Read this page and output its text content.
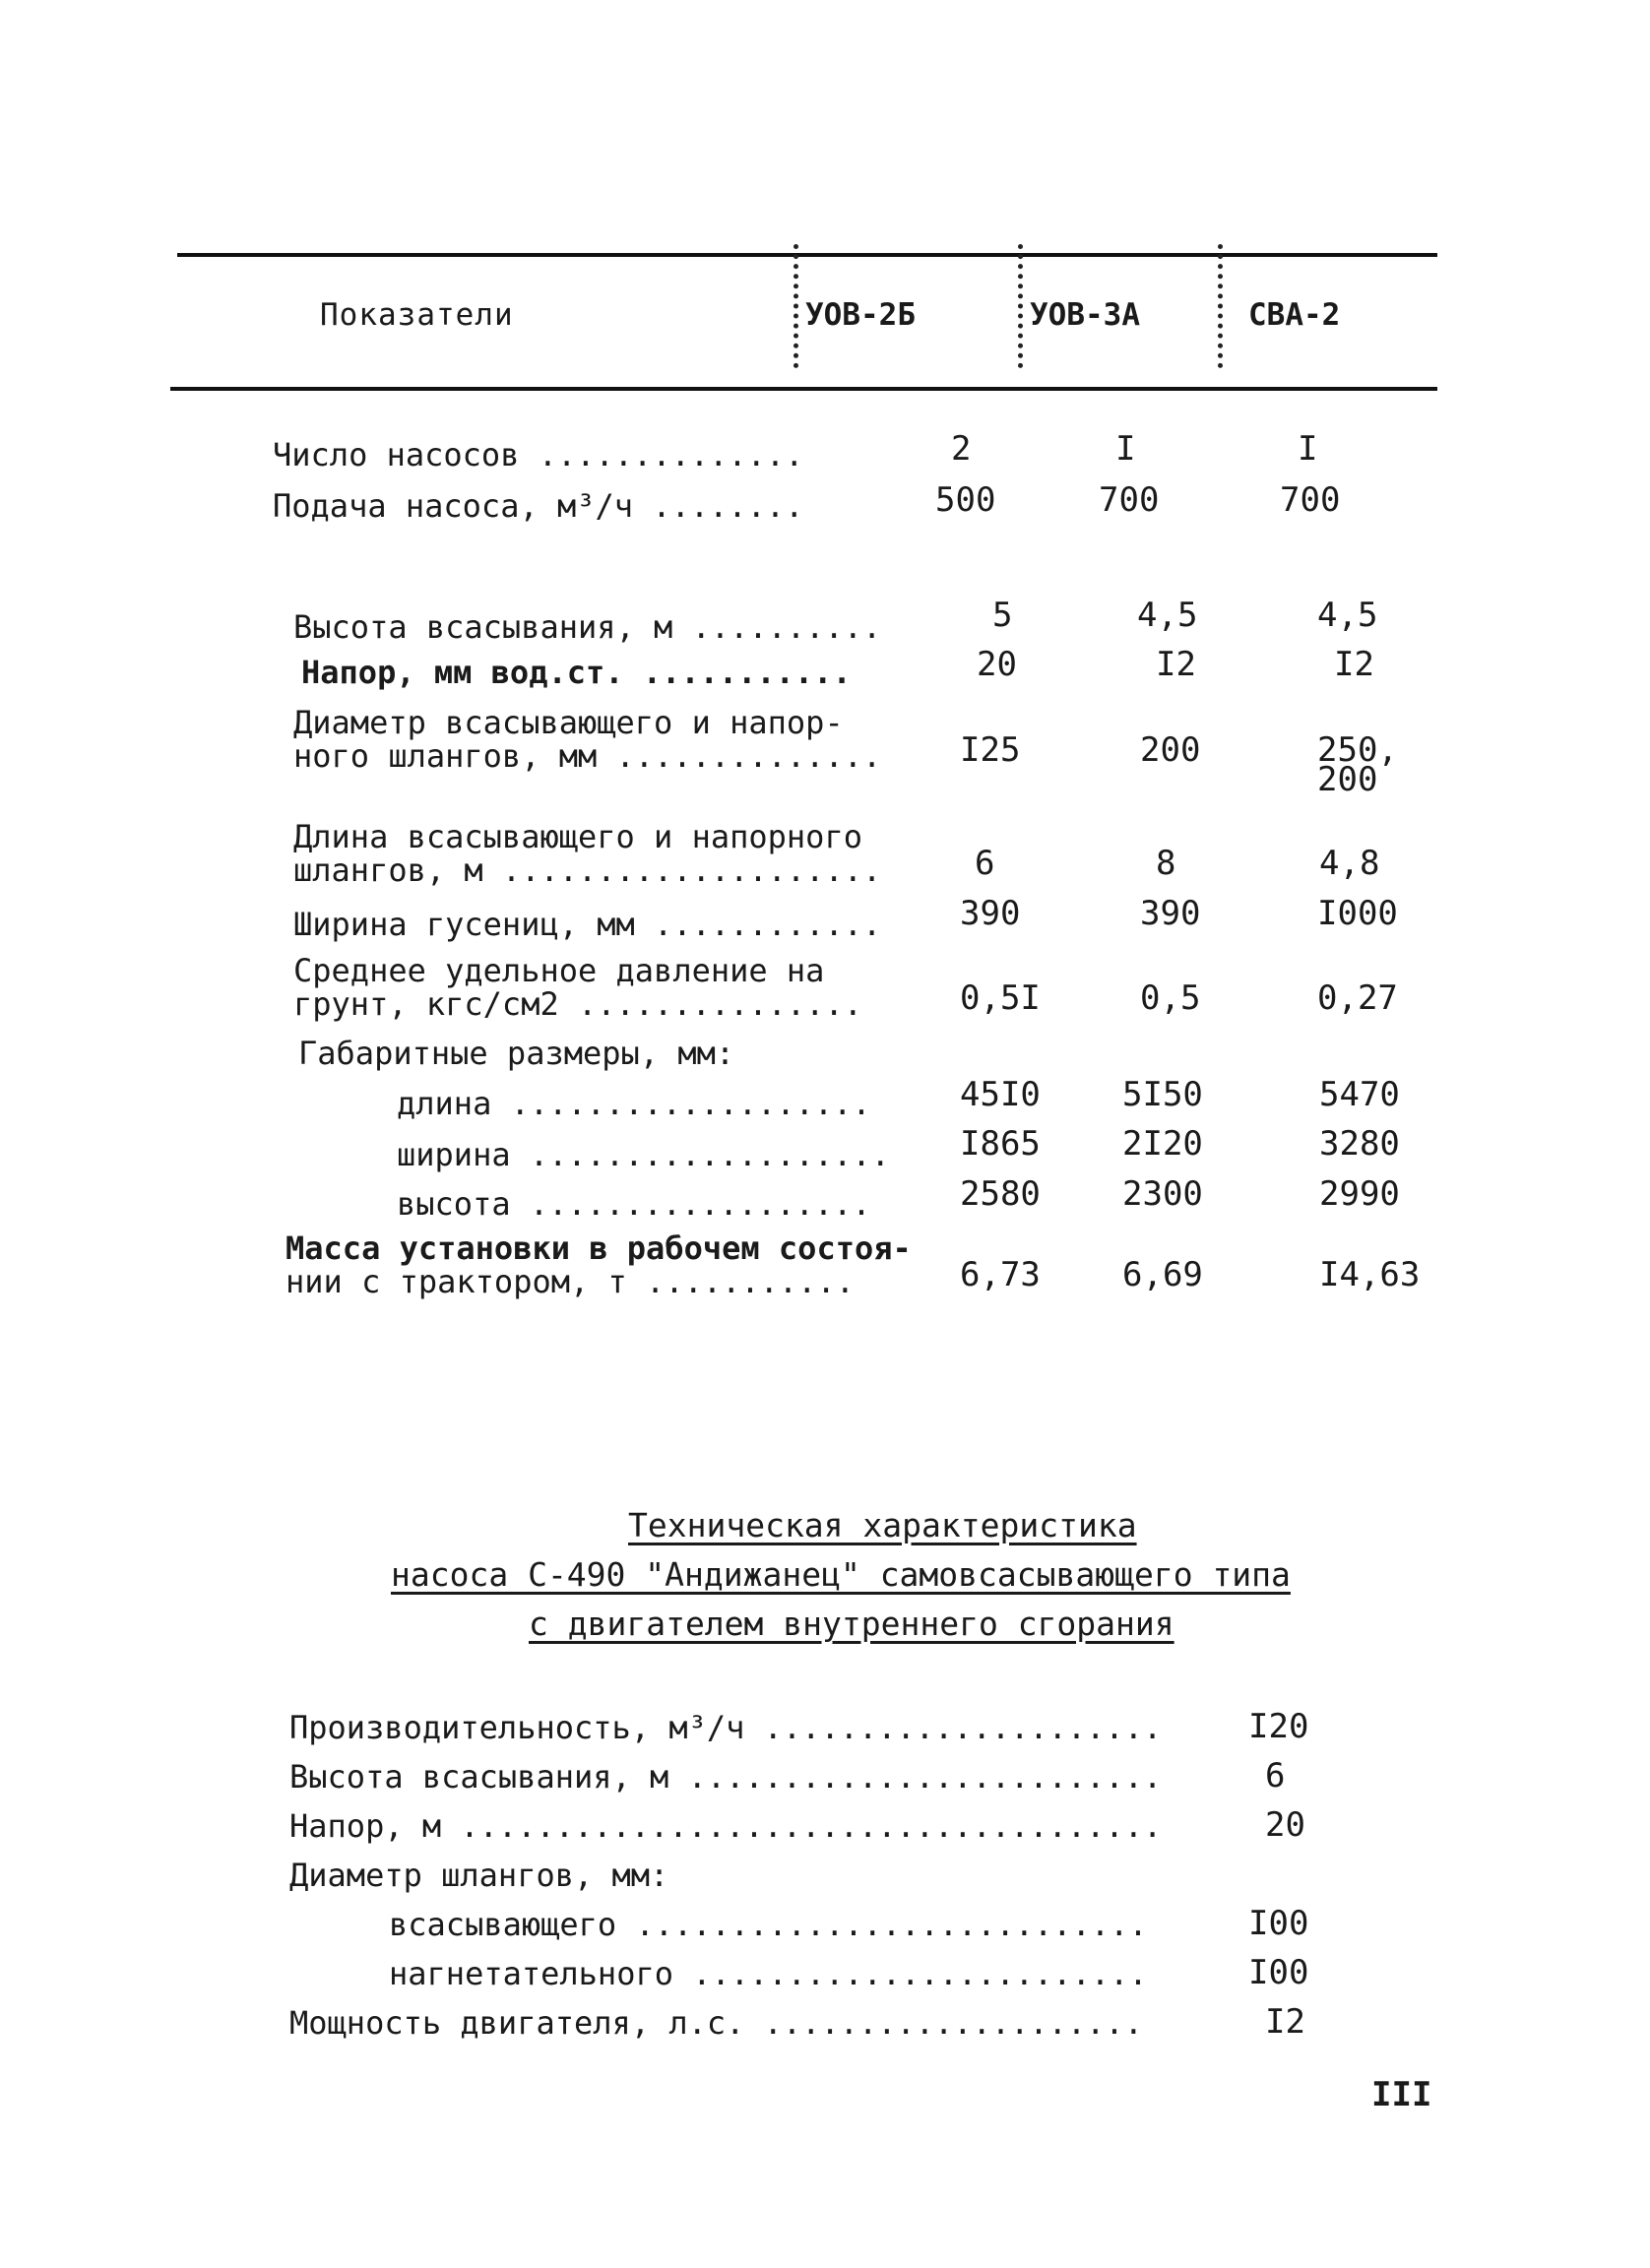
Показатели	УОВ-2Б	УОВ-3А	СВА-2
Число насосов ..............	2	I	I
Подача насоса, м³/ч ........	500	700	700
Высота всасывания, м ..........	5	4,5	4,5
Напор, мм вод.ст. ...........	20	I2	I2
Диаметр всасывающего и напор-
ного шлангов, мм .............. I25	200	250,
200
Длина всасывающего и напорного
шлангов, м ....................	6	8	4,8
Ширина гусениц, мм ............ 390	390	I000
Среднее удельное давление на
грунт, кгс/см2 ...............	0,5I	0,5	0,27
Габаритные размеры, мм:
длина ...................	45I0 5I50	5470
ширина ................... I865 2I20	3280
высота ..................	2580 2300	2990
Масса установки в рабочем состоя-
нии с трактором, т ...........	6,73 6,69	I4,63
Техническая характеристика
насоса С-490 "Андижанец" самовсасывающего типа
с двигателем внутреннего сгорания
Производительность, м³/ч .....................	I20
Высота всасывания, м .........................	6
Напор, м .....................................	20
Диаметр шлангов, мм:
всасывающего ...........................	I00
нагнетательного ........................	I00
Мощность двигателя, л.с. ....................	I2
III
